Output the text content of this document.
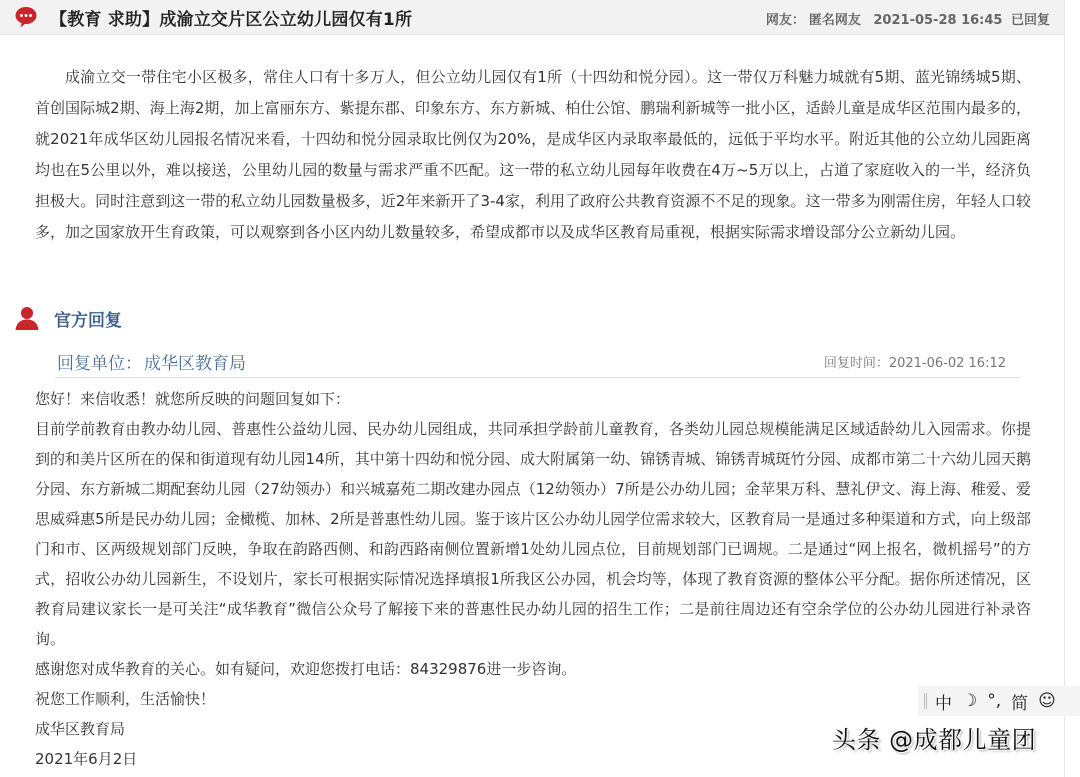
【教育 求助】成渝立交片区公立幼儿园仅有1所	网友： 匿名网友 2021-05-28 16:45 已回复
成渝立交一带住宅小区极多，常住人口有十多万人，但公立幼儿园仅有1所（十四幼和悦分园）。这一带仅万科魅力城就有5期、蓝光锦绣城5期、首创国际城2期、海上海2期，加上富丽东方、紫提东郡、印象东方、东方新城、柏仕公馆、鹏瑞利新城等一批小区，适龄儿童是成华区范围内最多的，就2021年成华区幼儿园报名情况来看，十四幼和悦分园录取比例仅为20%，是成华区内录取率最低的，远低于平均水平。附近其他的公立幼儿园距离均也在5公里以外，难以接送，公里幼儿园的数量与需求严重不匹配。这一带的私立幼儿园每年收费在4万~5万以上，占道了家庭收入的一半，经济负担极大。同时注意到这一带的私立幼儿园数量极多，近2年来新开了3-4家，利用了政府公共教育资源不不足的现象。这一带多为刚需住房，年轻人口较多，加之国家放开生育政策，可以观察到各小区内幼儿数量较多，希望成都市以及成华区教育局重视，根据实际需求增设部分公立新幼儿园。
官方回复
回复单位： 成华区教育局	回复时间：2021-06-02 16:12

您好！来信收悉！就您所反映的问题回复如下：

目前学前教育由教办幼儿园、普惠性公益幼儿园、民办幼儿园组成，共同承担学龄前儿童教育，各类幼儿园总规模能满足区域适龄幼儿入园需求。你提到的和美片区所在的保和街道现有幼儿园14所，其中第十四幼和悦分园、成大附属第一幼、锦锈青城、锦锈青城斑竹分园、成都市第二十六幼儿园天鹅分园、东方新城二期配套幼儿园（27幼领办）和兴城嘉苑二期改建办园点（12幼领办）7所是公办幼儿园；金苹果万科、慧礼伊文、海上海、稚爱、爱思威舜惠5所是民办幼儿园；金橄榄、加林、2所是普惠性幼儿园。鉴于该片区公办幼儿园学位需求较大，区教育局一是通过多种渠道和方式，向上级部门和市、区两级规划部门反映，争取在韵路西侧、和韵西路南侧位置新增1处幼儿园点位，目前规划部门已调规。二是通过“网上报名，微机摇号”的方式，招收公办幼儿园新生，不设划片，家长可根据实际情况选择填报1所我区公办园，机会均等，体现了教育资源的整体公平分配。据你所述情况，区教育局建议家长一是可关注“成华教育”微信公众号了解接下来的普惠性民办幼儿园的招生工作；二是前往周边还有空余学位的公办幼儿园进行补录咨询。

感谢您对成华教育的关心。如有疑问，欢迎您拨打电话：84329876进一步咨询。

祝您工作顺利，生活愉快！

成华区教育局

2021年6月2日

中 ☽ °, 简 ☺
头条 @成都儿童团
